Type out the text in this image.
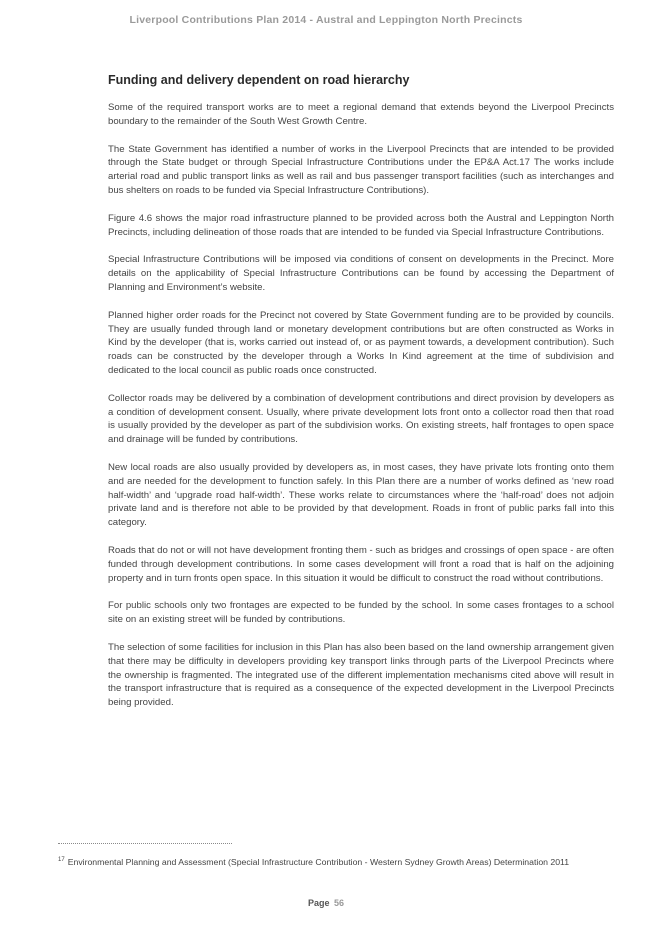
Liverpool Contributions Plan 2014 - Austral and Leppington North Precincts
Funding and delivery dependent on road hierarchy

Some of the required transport works are to meet a regional demand that extends beyond the Liverpool Precincts boundary to the remainder of the South West Growth Centre.

The State Government has identified a number of works in the Liverpool Precincts that are intended to be provided through the State budget or through Special Infrastructure Contributions under the EP&A Act.17 The works include arterial road and public transport links as well as rail and bus passenger transport facilities (such as interchanges and bus shelters on roads to be funded via Special Infrastructure Contributions).

Figure 4.6 shows the major road infrastructure planned to be provided across both the Austral and Leppington North Precincts, including delineation of those roads that are intended to be funded via Special Infrastructure Contributions.

Special Infrastructure Contributions will be imposed via conditions of consent on developments in the Precinct. More details on the applicability of Special Infrastructure Contributions can be found by accessing the Department of Planning and Environment’s website.

Planned higher order roads for the Precinct not covered by State Government funding are to be provided by councils. They are usually funded through land or monetary development contributions but are often constructed as Works in Kind by the developer (that is, works carried out instead of, or as payment towards, a development contribution). Such roads can be constructed by the developer through a Works In Kind agreement at the time of subdivision and dedicated to the local council as public roads once constructed.

Collector roads may be delivered by a combination of development contributions and direct provision by developers as a condition of development consent. Usually, where private development lots front onto a collector road then that road is usually provided by the developer as part of the subdivision works. On existing streets, half frontages to open space and drainage will be funded by contributions.

New local roads are also usually provided by developers as, in most cases, they have private lots fronting onto them and are needed for the development to function safely. In this Plan there are a number of works defined as ‘new road half-width’ and ‘upgrade road half-width’. These works relate to circumstances where the ‘half-road’ does not adjoin private land and is therefore not able to be provided by that development. Roads in front of public parks fall into this category.

Roads that do not or will not have development fronting them - such as bridges and crossings of open space - are often funded through development contributions. In some cases development will front a road that is half on the adjoining property and in turn fronts open space. In this situation it would be difficult to construct the road without contributions.

For public schools only two frontages are expected to be funded by the school. In some cases frontages to a school site on an existing street will be funded by contributions.

The selection of some facilities for inclusion in this Plan has also been based on the land ownership arrangement given that there may be difficulty in developers providing key transport links through parts of the Liverpool Precincts where the ownership is fragmented. The integrated use of the different implementation mechanisms cited above will result in the transport infrastructure that is required as a consequence of the expected development in the Liverpool Precincts being provided.

$^{17}$ Environmental Planning and Assessment (Special Infrastructure Contribution - Western Sydney Growth Areas) Determination 2011
Page 56
